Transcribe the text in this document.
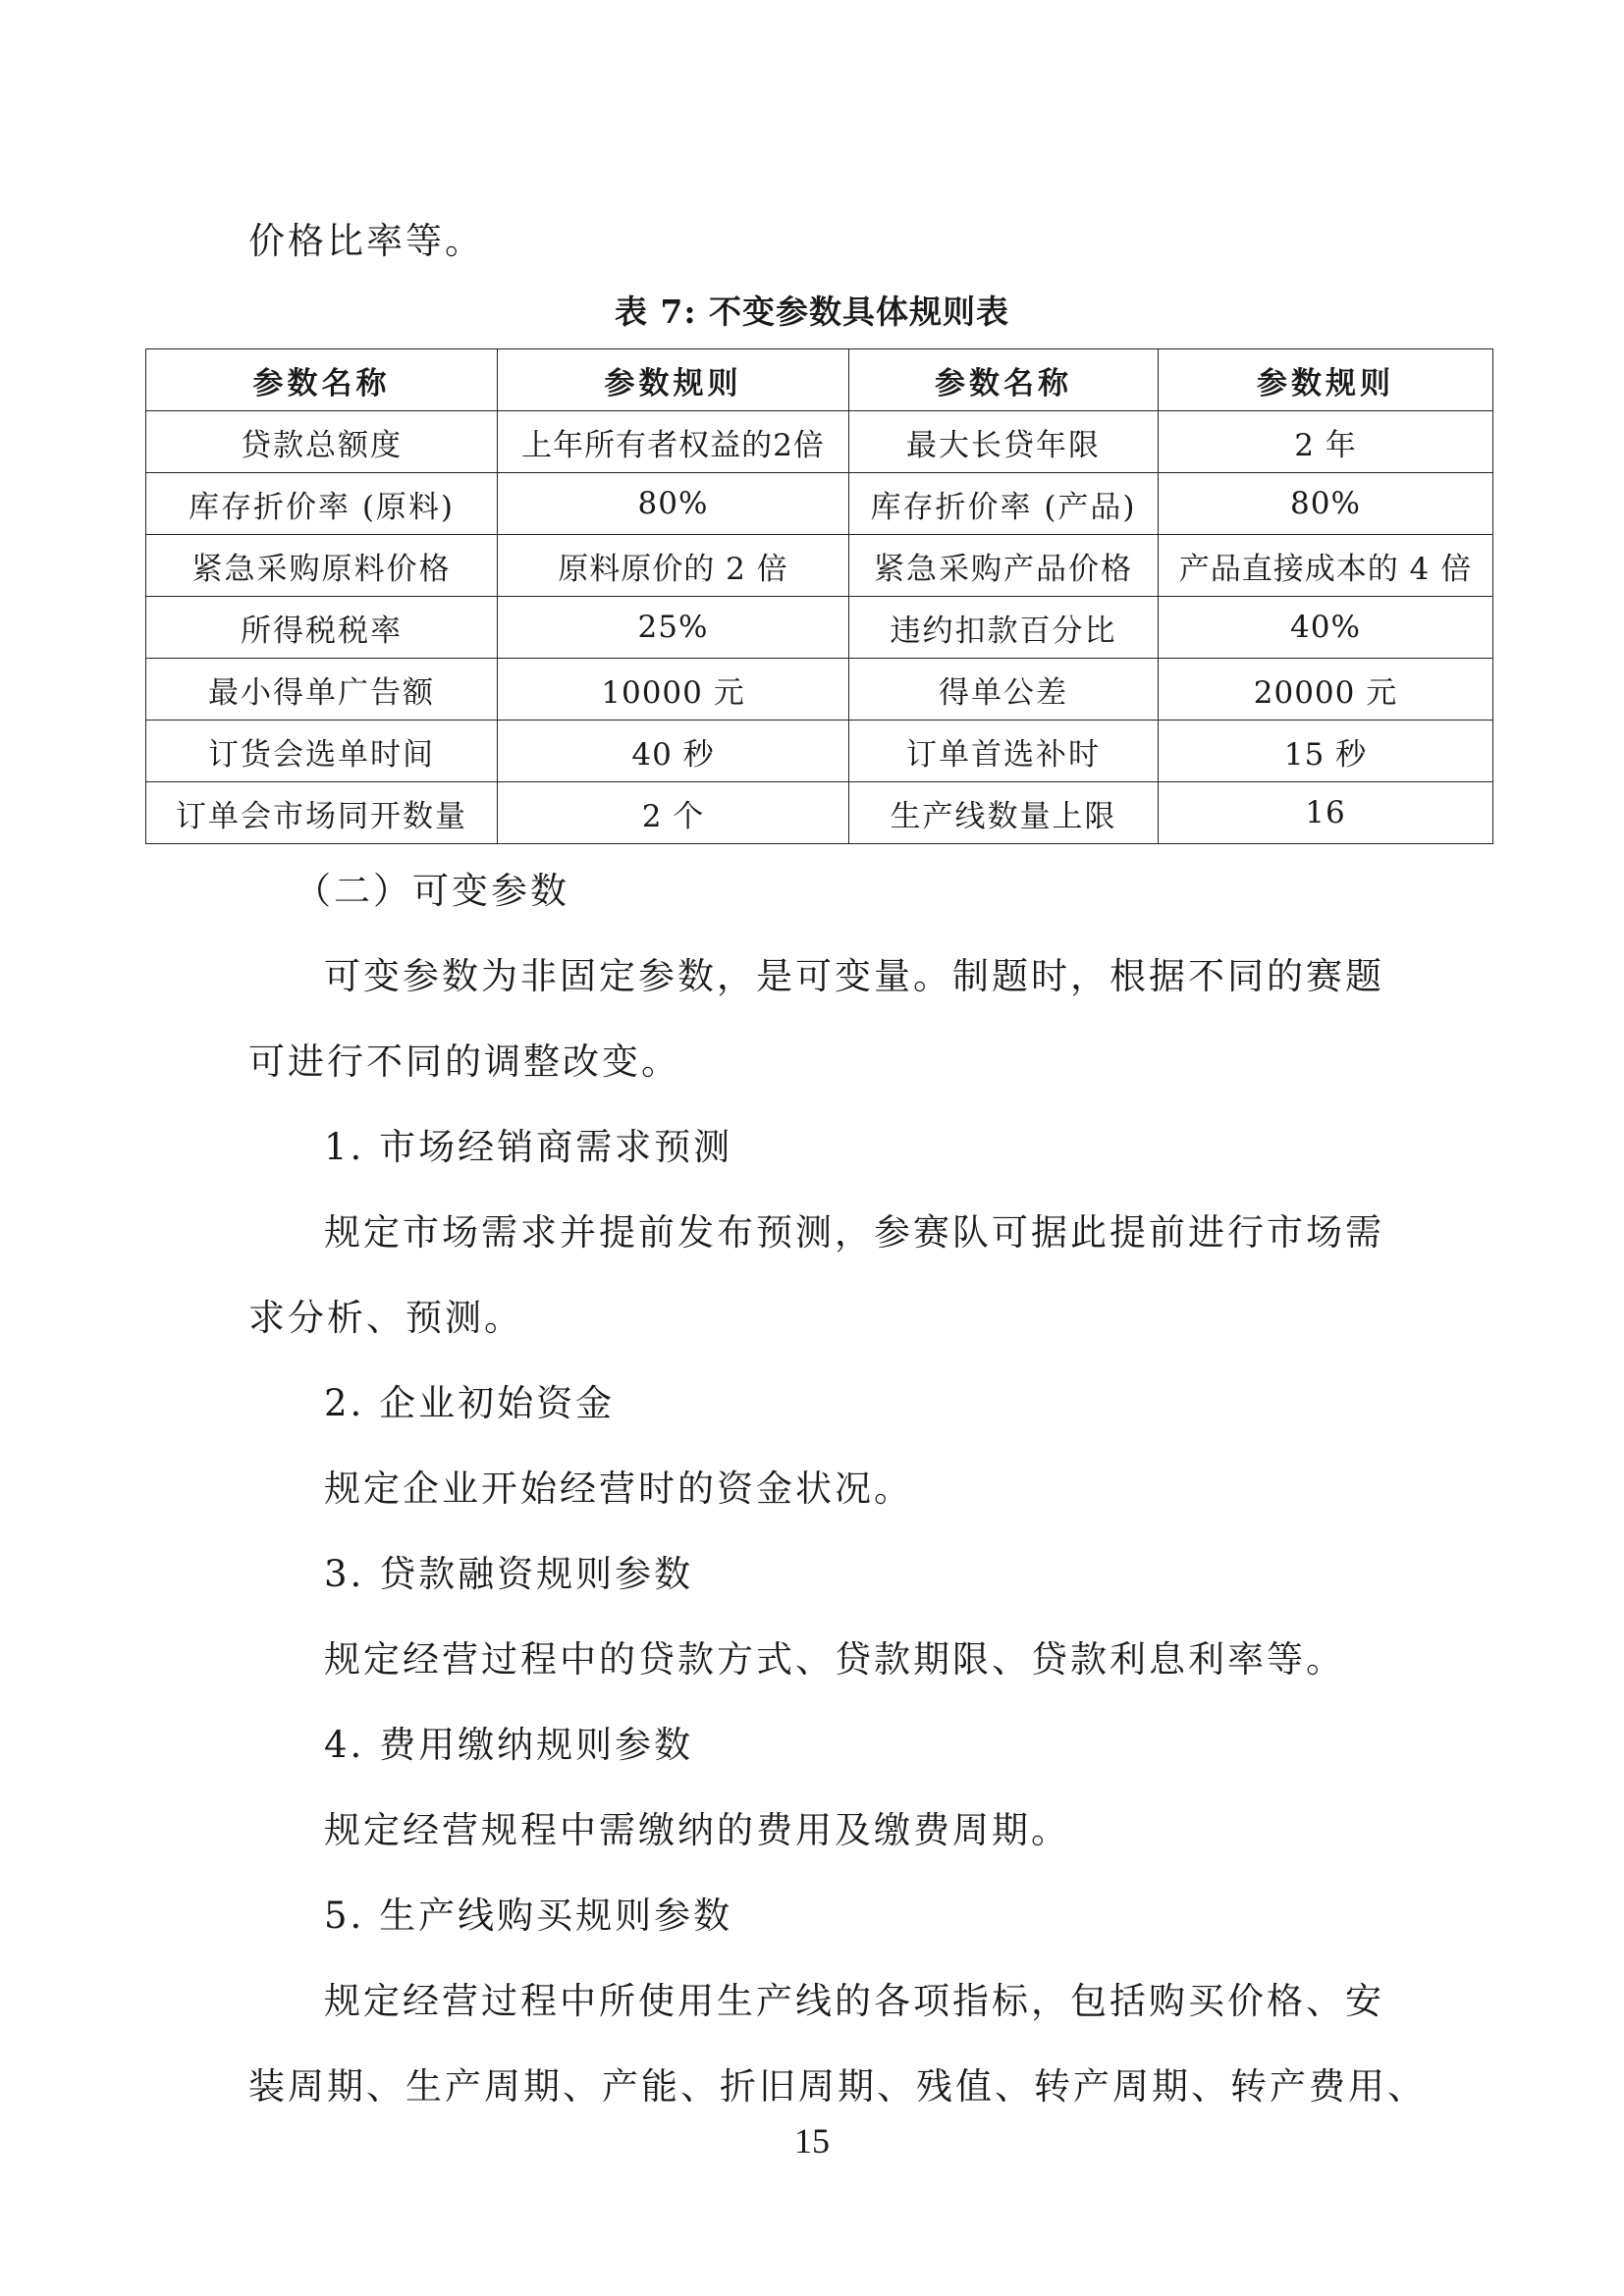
价格比率等。

表 7: 不变参数具体规则表
参数名称	参数规则	参数名称	参数规则
贷款总额度	上年所有者权益的2倍	最大长贷年限	2 年
库存折价率 (原料)	80%	库存折价率 (产品)	80%
紧急采购原料价格	原料原价的 2 倍	紧急采购产品价格	产品直接成本的 4 倍
所得税税率	25%	违约扣款百分比	40%
最小得单广告额	10000 元	得单公差	20000 元
订货会选单时间	40 秒	订单首选补时	15 秒
订单会市场同开数量	2 个	生产线数量上限	16

（二）可变参数

可变参数为非固定参数，是可变量。制题时，根据不同的赛题

可进行不同的调整改变。

1. 市场经销商需求预测

规定市场需求并提前发布预测，参赛队可据此提前进行市场需

求分析、预测。

2. 企业初始资金

规定企业开始经营时的资金状况。

3. 贷款融资规则参数

规定经营过程中的贷款方式、贷款期限、贷款利息利率等。

4. 费用缴纳规则参数

规定经营规程中需缴纳的费用及缴费周期。

5. 生产线购买规则参数

规定经营过程中所使用生产线的各项指标，包括购买价格、安

装周期、生产周期、产能、折旧周期、残值、转产周期、转产费用、

15
